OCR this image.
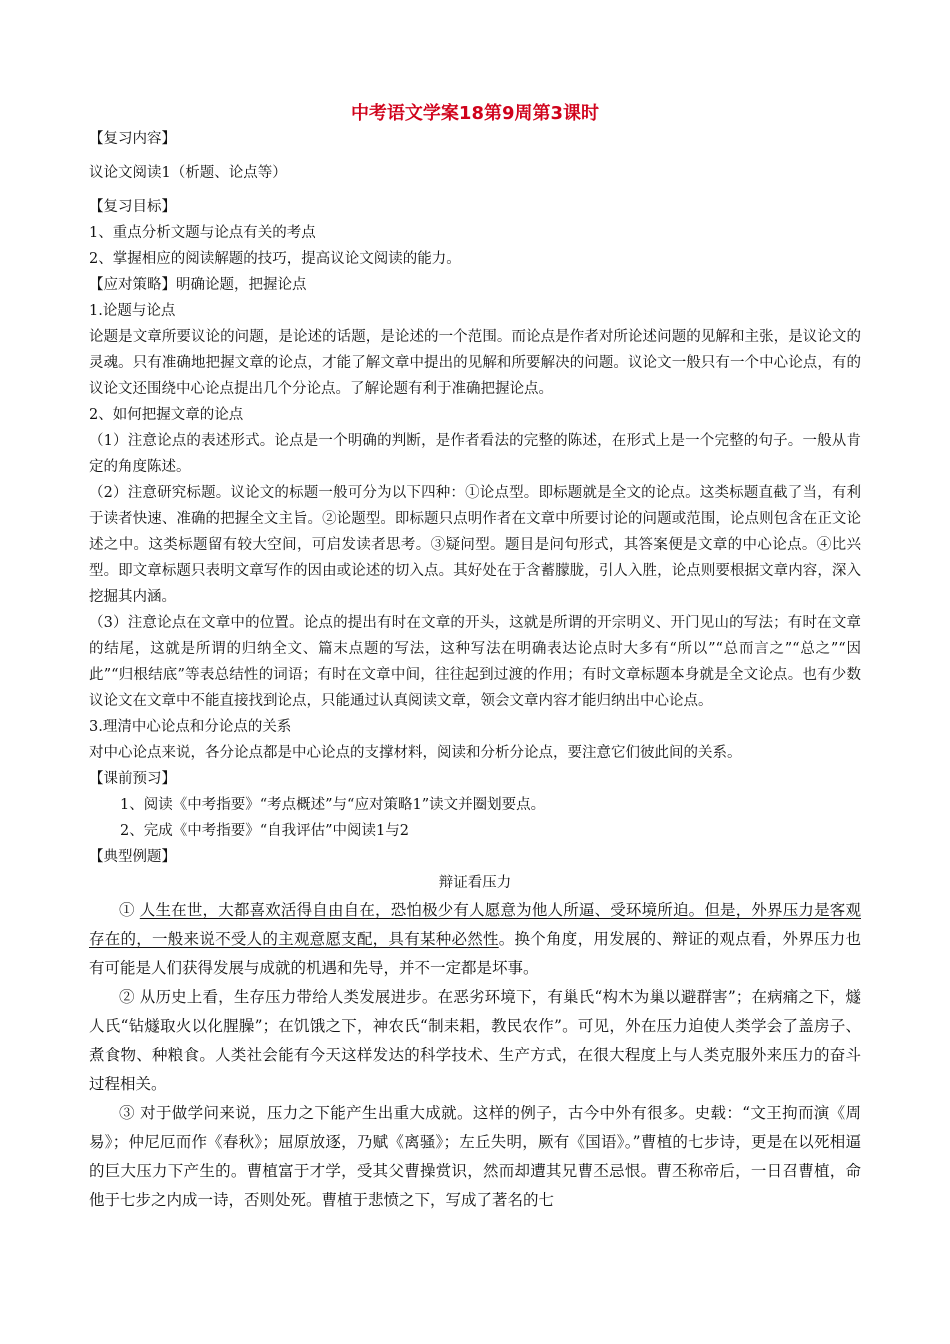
中考语文学案18第9周第3课时

【复习内容】

议论文阅读1（析题、论点等）

【复习目标】

1、重点分析文题与论点有关的考点

2、掌握相应的阅读解题的技巧，提高议论文阅读的能力。

【应对策略】明确论题，把握论点

1.论题与论点

论题是文章所要议论的问题，是论述的话题，是论述的一个范围。而论点是作者对所论述问题的见解和主张，是议论文的灵魂。只有准确地把握文章的论点，才能了解文章中提出的见解和所要解决的问题。议论文一般只有一个中心论点，有的议论文还围绕中心论点提出几个分论点。了解论题有利于准确把握论点。

2、如何把握文章的论点

（1）注意论点的表述形式。论点是一个明确的判断，是作者看法的完整的陈述，在形式上是一个完整的句子。一般从肯定的角度陈述。

（2）注意研究标题。议论文的标题一般可分为以下四种：①论点型。即标题就是全文的论点。这类标题直截了当，有利于读者快速、准确的把握全文主旨。②论题型。即标题只点明作者在文章中所要讨论的问题或范围，论点则包含在正文论述之中。这类标题留有较大空间，可启发读者思考。③疑问型。题目是问句形式，其答案便是文章的中心论点。④比兴型。即文章标题只表明文章写作的因由或论述的切入点。其好处在于含蓄朦胧，引人入胜，论点则要根据文章内容，深入挖掘其内涵。

（3）注意论点在文章中的位置。论点的提出有时在文章的开头，这就是所谓的开宗明义、开门见山的写法；有时在文章的结尾，这就是所谓的归纳全文、篇末点题的写法，这种写法在明确表达论点时大多有“所以”“总而言之”“总之”“因此”“归根结底”等表总结性的词语；有时在文章中间，往往起到过渡的作用；有时文章标题本身就是全文论点。也有少数议论文在文章中不能直接找到论点，只能通过认真阅读文章，领会文章内容才能归纳出中心论点。

3.理清中心论点和分论点的关系

对中心论点来说，各分论点都是中心论点的支撑材料，阅读和分析分论点，要注意它们彼此间的关系。

【课前预习】

1、阅读《中考指要》“考点概述”与“应对策略1”读文并圈划要点。

2、完成《中考指要》“自我评估”中阅读1与2

【典型例题】

辩证看压力

① 人生在世，大都喜欢活得自由自在，恐怕极少有人愿意为他人所逼、受环境所迫。但是，外界压力是客观存在的，一般来说不受人的主观意愿支配，具有某种必然性。换个角度，用发展的、辩证的观点看，外界压力也有可能是人们获得发展与成就的机遇和先导，并不一定都是坏事。

② 从历史上看，生存压力带给人类发展进步。在恶劣环境下，有巢氏“构木为巢以避群害”；在病痛之下，燧人氏“钻燧取火以化腥臊”；在饥饿之下，神农氏“制耒耜，教民农作”。可见，外在压力迫使人类学会了盖房子、煮食物、种粮食。人类社会能有今天这样发达的科学技术、生产方式，在很大程度上与人类克服外来压力的奋斗过程相关。

③ 对于做学问来说，压力之下能产生出重大成就。这样的例子，古今中外有很多。史载：“文王拘而演《周易》；仲尼厄而作《春秋》；屈原放逐，乃赋《离骚》；左丘失明，厥有《国语》。”曹植的七步诗，更是在以死相逼的巨大压力下产生的。曹植富于才学，受其父曹操赏识，然而却遭其兄曹丕忌恨。曹丕称帝后，一日召曹植，命他于七步之内成一诗，否则处死。曹植于悲愤之下，写成了著名的七
